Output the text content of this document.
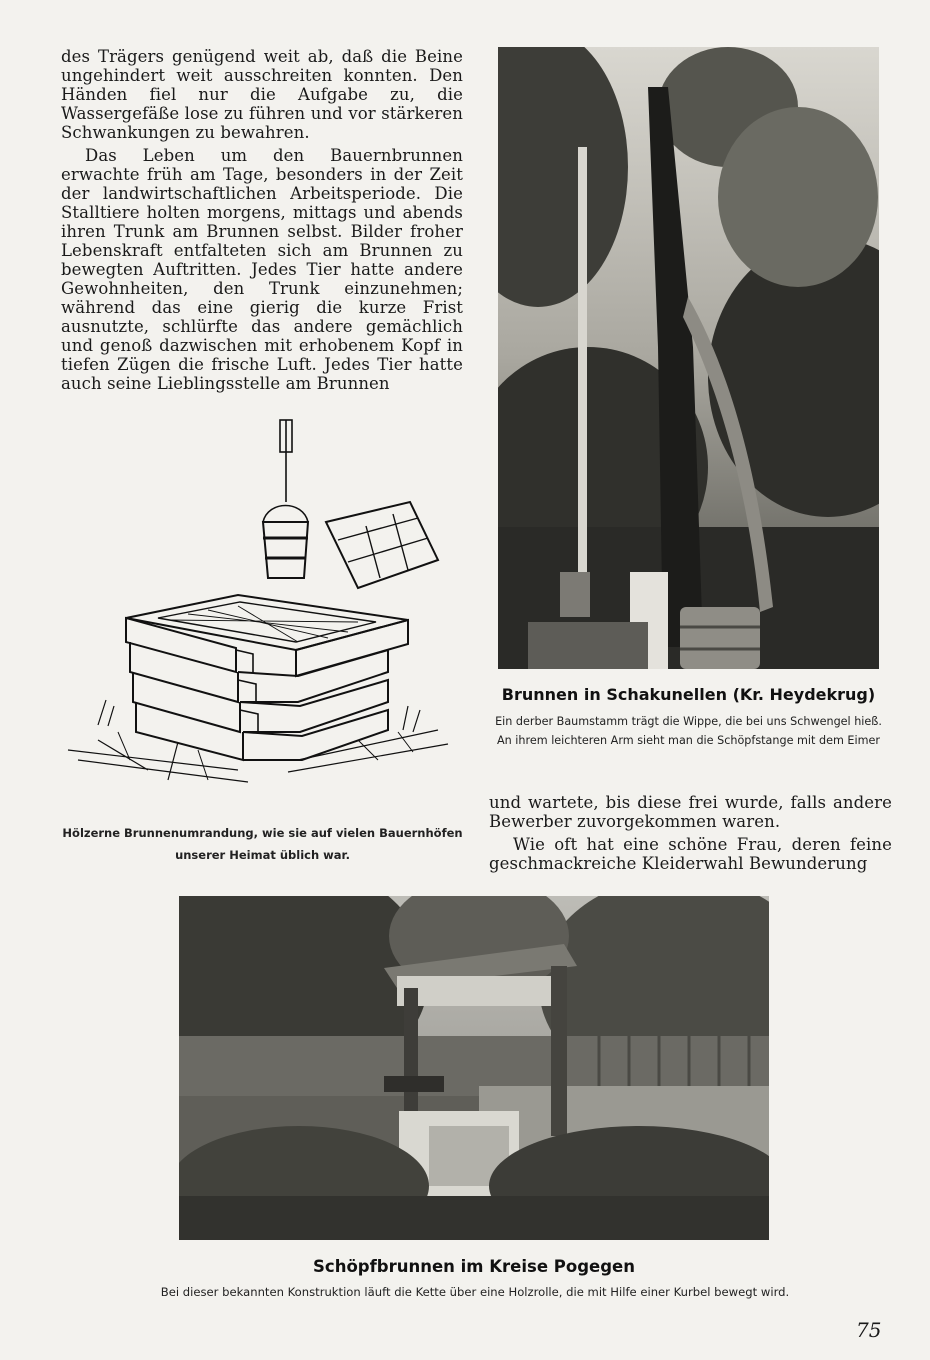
des Trägers genügend weit ab, daß die Beine ungehindert weit ausschreiten konnten. Den Händen fiel nur die Aufgabe zu, die Wassergefäße lose zu führen und vor stärkeren Schwankungen zu bewahren.

Das Leben um den Bauernbrunnen erwachte früh am Tage, besonders in der Zeit der landwirtschaftlichen Arbeitsperiode. Die Stalltiere holten morgens, mittags und abends ihren Trunk am Brunnen selbst. Bilder froher Lebenskraft entfalteten sich am Brunnen zu bewegten Auftritten. Jedes Tier hatte andere Gewohnheiten, den Trunk einzunehmen; während das eine gierig die kurze Frist ausnutzte, schlürfte das andere gemächlich und genoß dazwischen mit erhobenem Kopf in tiefen Zügen die frische Luft. Jedes Tier hatte auch seine Lieblingsstelle am Brunnen

Brunnen in Schakunellen (Kr. Heydekrug)
Ein derber Baumstamm trägt die Wippe, die bei uns Schwengel hieß. An ihrem leichteren Arm sieht man die Schöpfstange mit dem Eimer
Hölzerne Brunnenumrandung, wie sie auf vielen Bauernhöfen unserer Heimat üblich war.

und wartete, bis diese frei wurde, falls andere Bewerber zuvorgekommen waren.

Wie oft hat eine schöne Frau, deren feine geschmackreiche Kleiderwahl Bewunderung

Schöpfbrunnen im Kreise Pogegen
Bei dieser bekannten Konstruktion läuft die Kette über eine Holzrolle, die mit Hilfe einer Kurbel bewegt wird.
75
